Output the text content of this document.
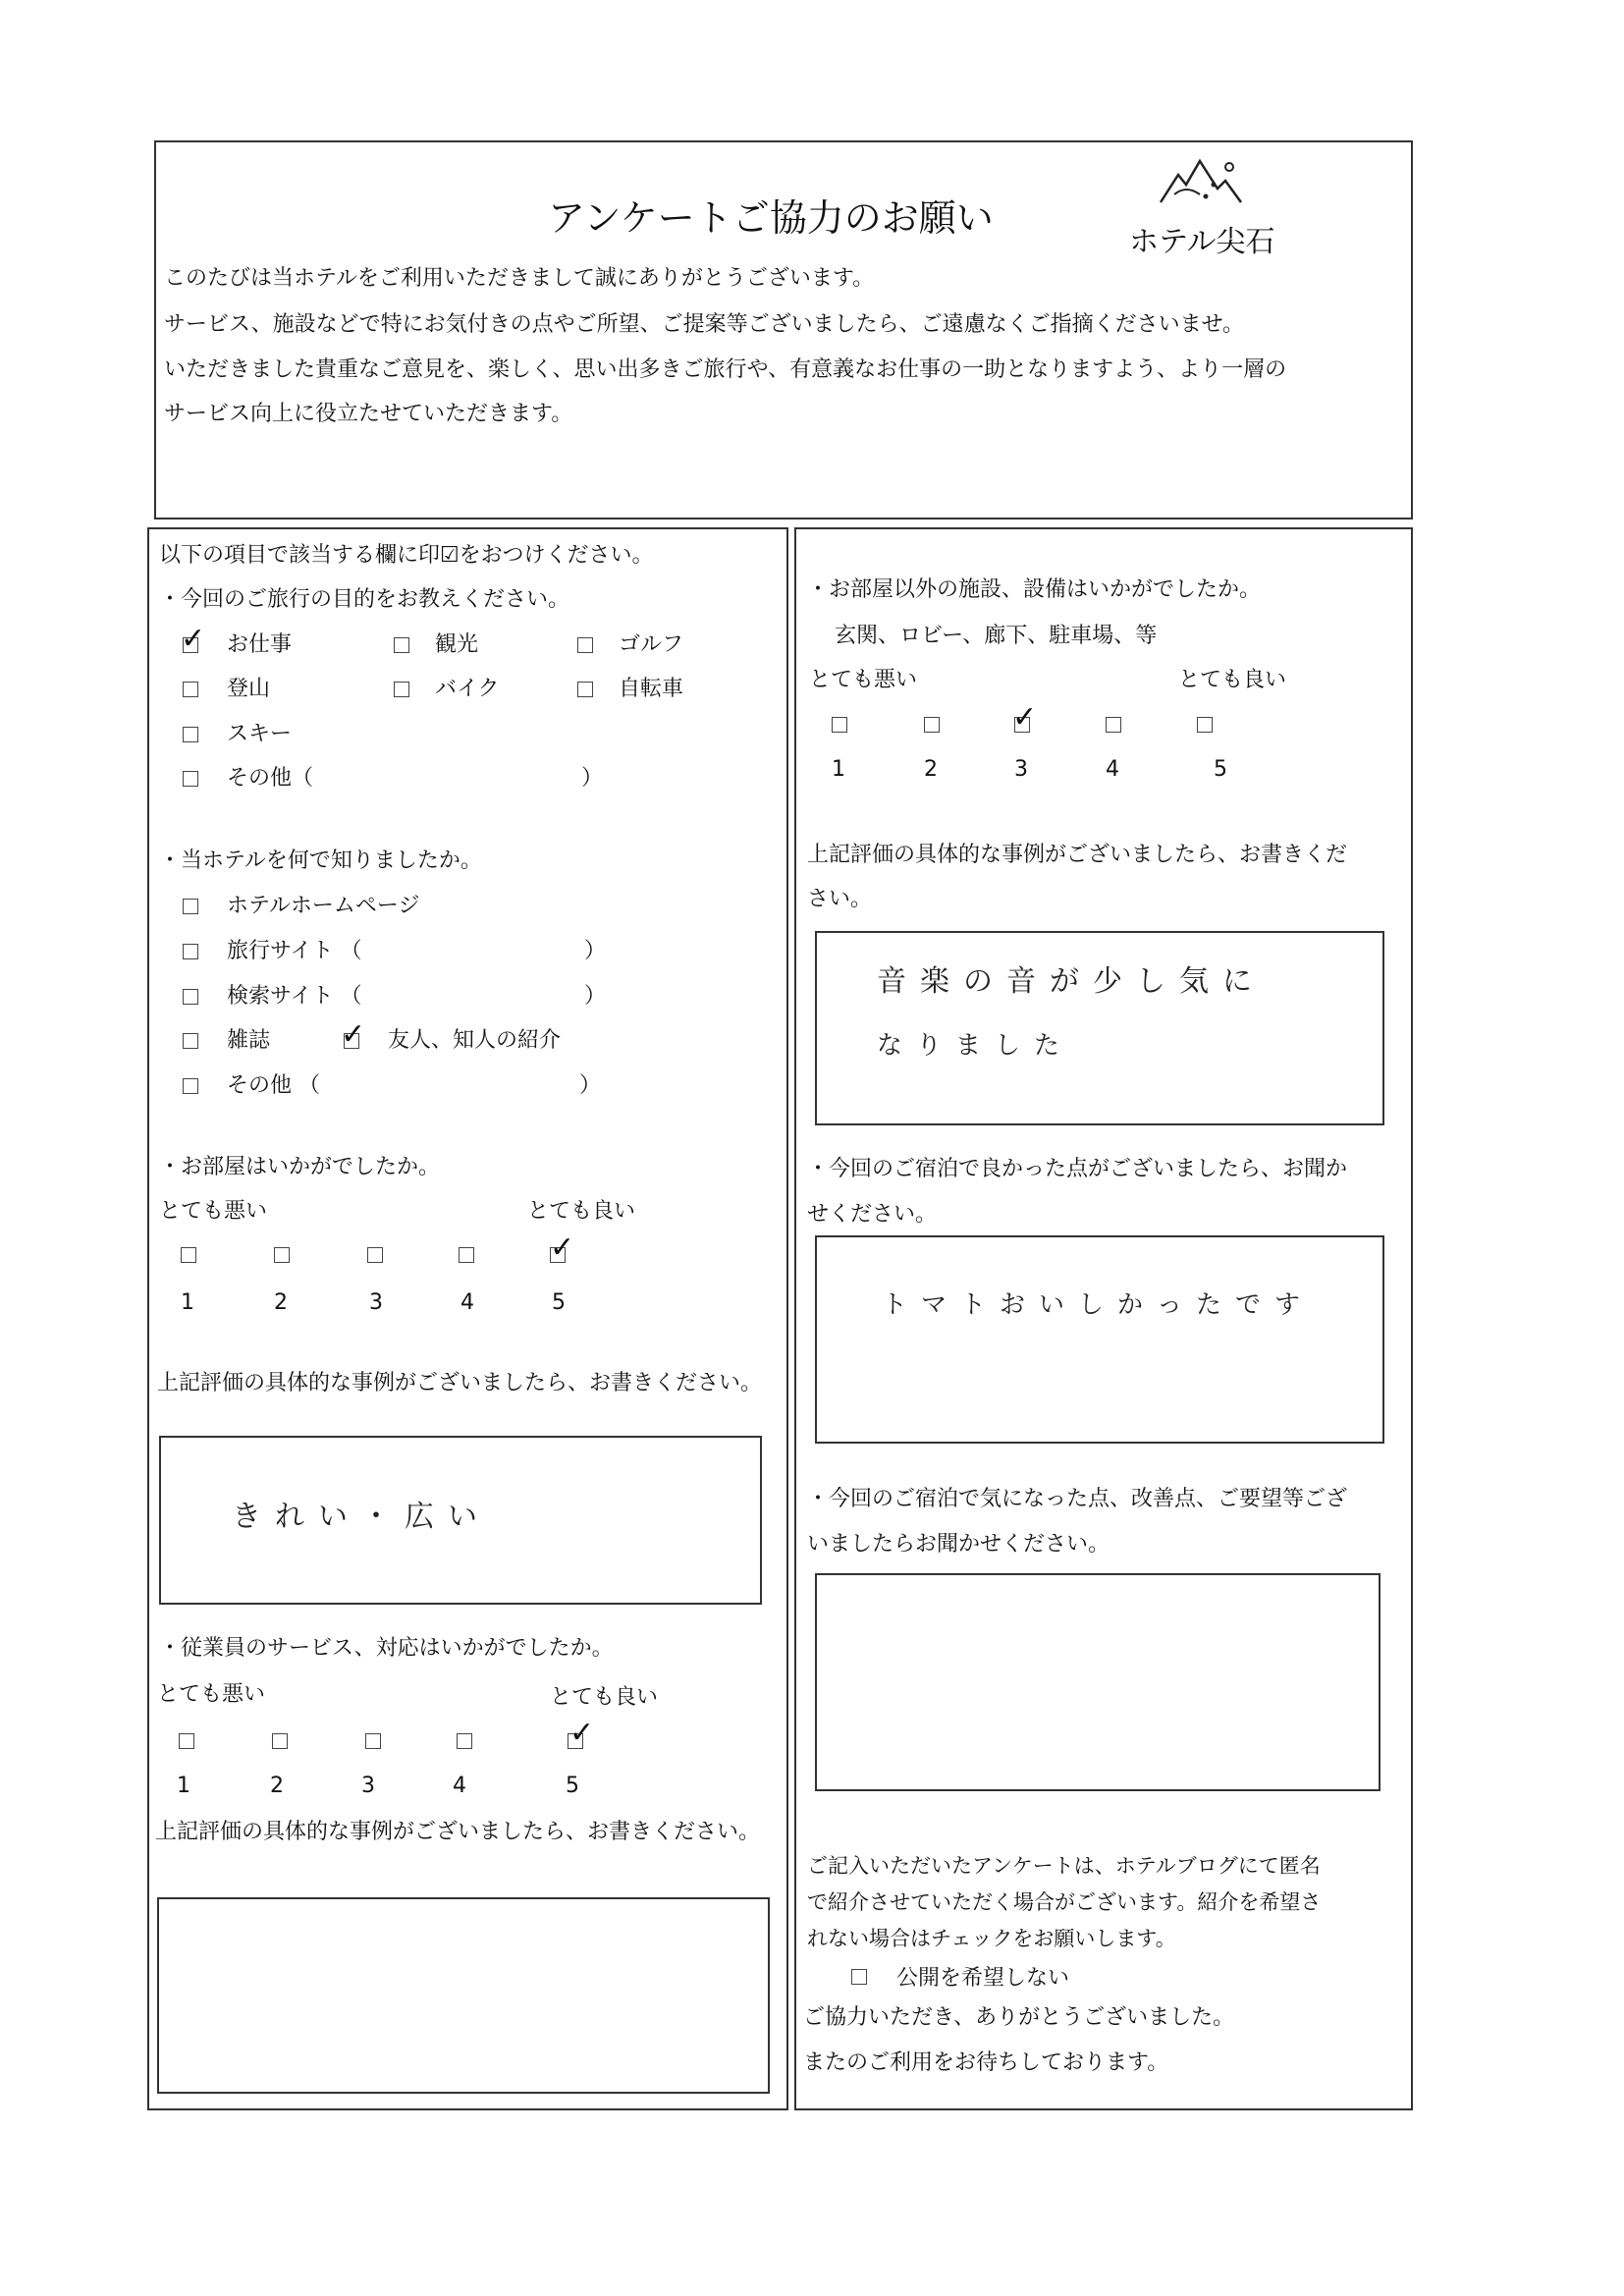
アンケートご協力のお願い
ホテル尖石
このたびは当ホテルをご利用いただきまして誠にありがとうございます。
サービス、施設などで特にお気付きの点やご所望、ご提案等ございましたら、ご遠慮なくご指摘くださいませ。
いただきました貴重なご意見を、楽しく、思い出多きご旅行や、有意義なお仕事の一助となりますよう、より一層の
サービス向上に役立たせていただきます。
以下の項目で該当する欄に印☑をおつけください。
・今回のご旅行の目的をお教えください。
✓ お仕事	観光	ゴルフ
登山	バイク	自転車
スキー
その他（	）
・当ホテルを何で知りましたか。
ホテルホームページ
旅行サイト （	）
検索サイト （	）
雑誌 ✓ 友人、知人の紹介
その他 （	）
・お部屋はいかがでしたか。
とても悪い	とても良い
✓
1	2	3	4	5
上記評価の具体的な事例がございましたら、お書きください。
きれい・広い
・従業員のサービス、対応はいかがでしたか。
とても悪い	とても良い
✓
1	2	3	4	5
上記評価の具体的な事例がございましたら、お書きください。
・お部屋以外の施設、設備はいかがでしたか。
玄関、ロビー、廊下、駐車場、等
とても悪い	とても良い
✓
1	2	3	4	5
上記評価の具体的な事例がございましたら、お書きくだ
さい。
音楽の音が少し気に
なりました
・今回のご宿泊で良かった点がございましたら、お聞か
せください。
トマトおいしかったです
・今回のご宿泊で気になった点、改善点、ご要望等ござ
いましたらお聞かせください。
ご記入いただいたアンケートは、ホテルブログにて匿名
で紹介させていただく場合がございます。紹介を希望さ
れない場合はチェックをお願いします。
公開を希望しない
ご協力いただき、ありがとうございました。
またのご利用をお待ちしております。
